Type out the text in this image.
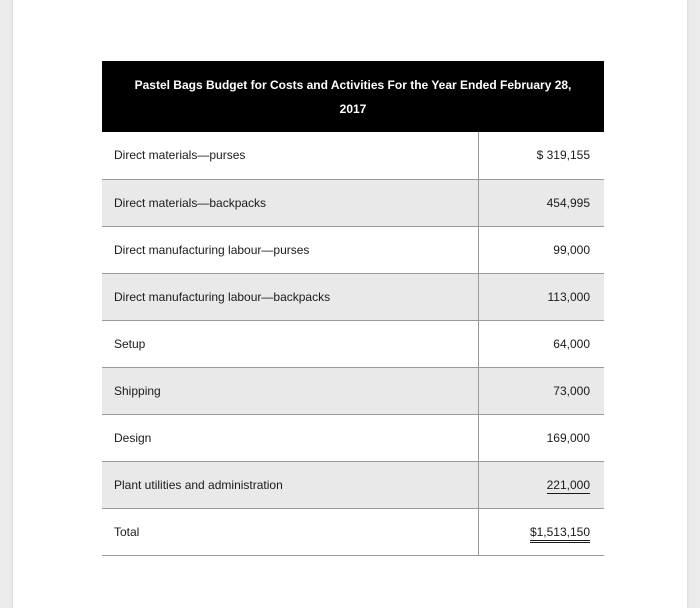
Pastel Bags Budget for Costs and Activities For the Year Ended February 28, 2017	
Direct materials—purses	$ 319,155
Direct materials—backpacks	454,995
Direct manufacturing labour—purses	99,000
Direct manufacturing labour—backpacks	113,000
Setup	64,000
Shipping	73,000
Design	169,000
Plant utilities and administration	221,000
Total	$1,513,150
